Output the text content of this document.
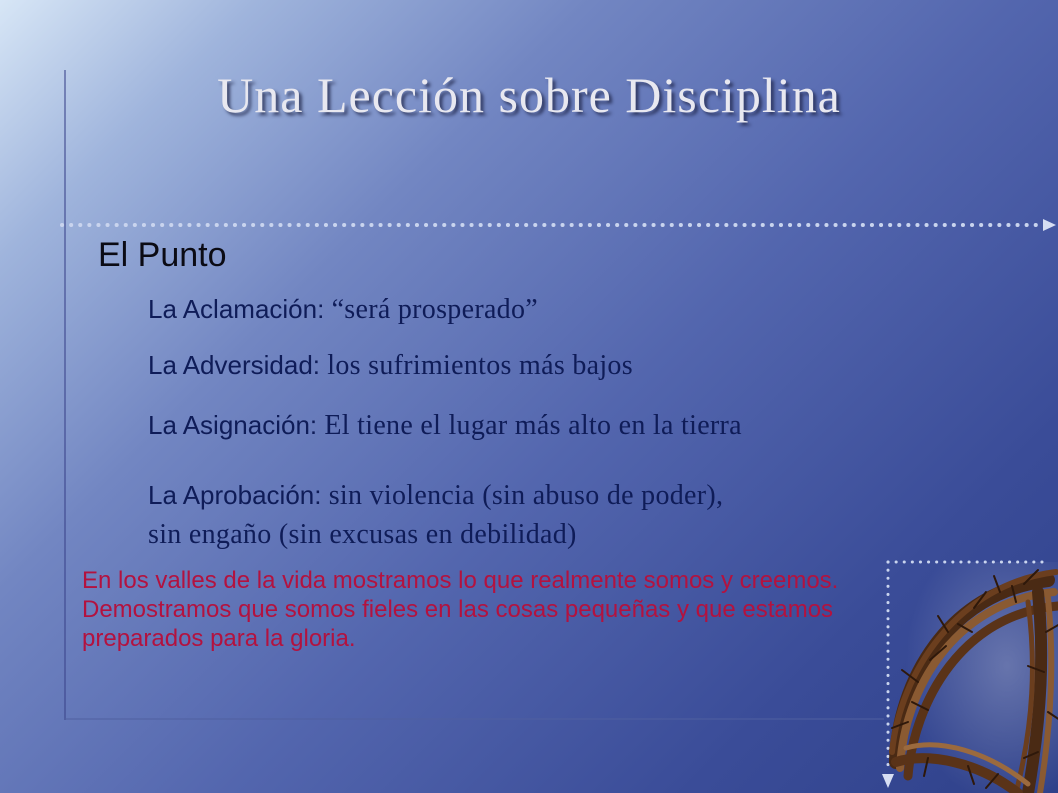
Una Lección sobre Disciplina
El Punto
La Aclamación: “será prosperado”
La Adversidad: los sufrimientos más bajos
La Asignación: El tiene el lugar más alto en la tierra
La Aprobación: sin violencia (sin abuso de poder),
sin engaño (sin excusas en debilidad)
En los valles de la vida mostramos lo que realmente somos y creemos. Demostramos que somos fieles en las cosas pequeñas y que estamos preparados para la gloria.
